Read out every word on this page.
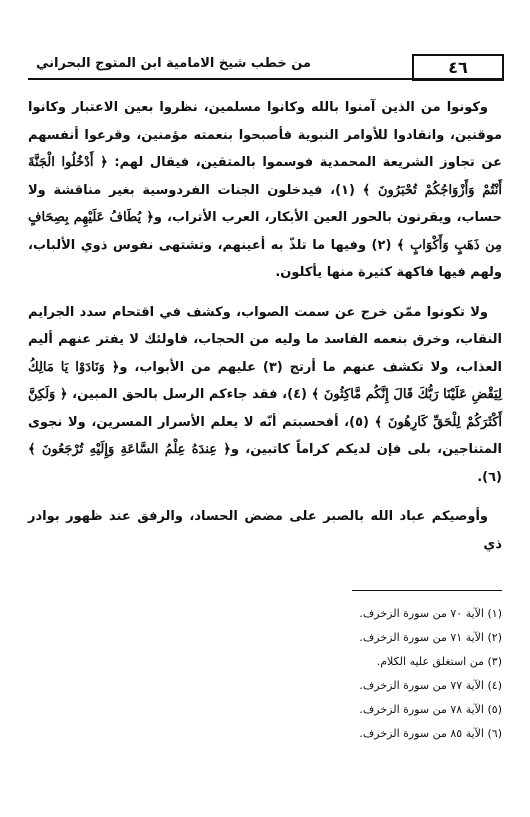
٤٦
من خطب شيخ الامامية ابن المتوج البحراني

وكونوا من الذين آمنوا بالله وكانوا مسلمين، نظروا بعين الاعتبار وكانوا موقنين، وانقادوا للأوامر النبوية فأصبحوا بنعمته مؤمنين، وقرعوا أنفسهم عن تجاوز الشريعة المحمدية فوسموا بالمتقين، فيقال لهم: ﴿ أَدْخُلُوا الْجَنَّةَ أَنْتُمْ وَأَزْوَاجُكُمْ تُحْبَرُونَ ﴾ (١)، فيدخلون الجنات الفردوسية بغير مناقشة ولا حساب، ويقرنون بالحور العين الأبكار، العرب الأتراب، و﴿ يُطَافُ عَلَيْهِم بِصِحَافٍ مِن ذَهَبٍ وَأَكْوَابٍ ﴾ (٢) وفيها ما تلذّ به أعينهم، وتشتهى نفوس ذوي الألباب، ولهم فيها فاكهة كثيرة منها يأكلون.

ولا تكونوا ممّن خرج عن سمت الصواب، وكشف في اقتحام سدد الجرايم النقاب، وخرق بنعمه الفاسد ما وليه من الحجاب، فاولئك لا يفتر عنهم أليم العذاب، ولا تكشف عنهم ما أرتج (٣) عليهم من الأبواب، و﴿ وَنَادَوْا يَا مَالِكُ لِيَقْضِ عَلَيْنَا رَبُّكَ قَالَ إِنَّكُم مَّاكِثُونَ ﴾ (٤)، فقد جاءكم الرسل بالحق المبين، ﴿ وَلَكِنَّ أَكْثَرَكُمْ لِلْحَقِّ كَارِهُونَ ﴾ (٥)، أفحسبتم أنّه لا يعلم الأسرار المسرين، ولا نجوى المتناجين، بلى فإن لديكم كراماً كاتبين، و﴿ عِندَهُ عِلْمُ السَّاعَةِ وَإِلَيْهِ تُرْجَعُونَ ﴾ (٦).

وأوصيكم عباد الله بالصبر على مضض الحساد، والرفق عند ظهور بوادر ذي

(١) الآية ٧٠ من سورة الزخرف.
(٢) الآية ٧١ من سورة الزخرف.
(٣) من استغلق عليه الكلام.
(٤) الآية ٧٧ من سورة الزخرف.
(٥) الآية ٧٨ من سورة الزخرف.
(٦) الآية ٨٥ من سورة الزخرف.
